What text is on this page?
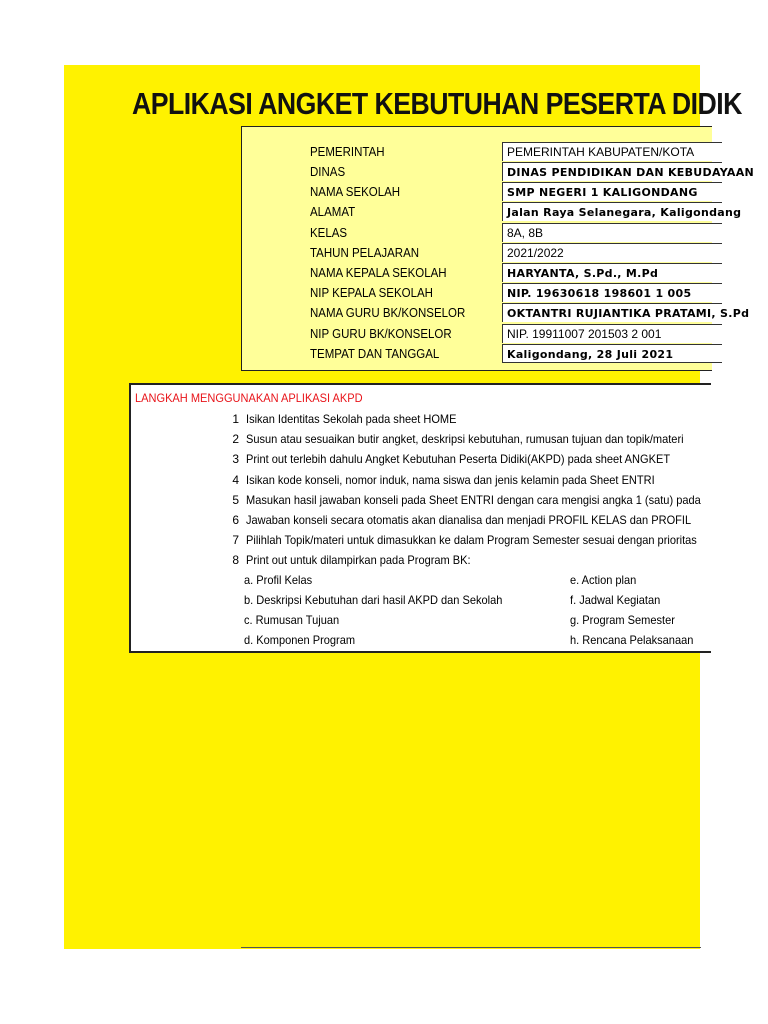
APLIKASI ANGKET KEBUTUHAN PESERTA DIDIK
PEMERINTAH	PEMERINTAH KABUPATEN/KOTA
DINAS	DINAS PENDIDIKAN DAN KEBUDAYAAN
NAMA SEKOLAH	SMP NEGERI 1 KALIGONDANG
ALAMAT	Jalan Raya Selanegara, Kaligondang
KELAS	8A, 8B
TAHUN PELAJARAN	2021/2022
NAMA KEPALA SEKOLAH	HARYANTA, S.Pd., M.Pd
NIP KEPALA SEKOLAH	NIP. 19630618 198601 1 005
NAMA GURU BK/KONSELOR	OKTANTRI RUJIANTIKA PRATAMI, S.Pd
NIP GURU BK/KONSELOR	NIP. 19911007 201503 2 001
TEMPAT DAN TANGGAL	Kaligondang, 28 Juli 2021
LANGKAH MENGGUNAKAN APLIKASI AKPD
1 Isikan Identitas Sekolah pada sheet HOME
2 Susun atau sesuaikan butir angket, deskripsi kebutuhan, rumusan tujuan dan topik/materi
3 Print out terlebih dahulu Angket Kebutuhan Peserta Didiki(AKPD) pada sheet ANGKET
4 Isikan kode konseli, nomor induk, nama siswa dan jenis kelamin pada Sheet ENTRI
5 Masukan hasil jawaban konseli pada Sheet ENTRI dengan cara mengisi angka 1 (satu) pada
6 Jawaban konseli secara otomatis akan dianalisa dan menjadi PROFIL KELAS dan PROFIL
7 Pilihlah Topik/materi untuk dimasukkan ke dalam Program Semester sesuai dengan prioritas
8 Print out untuk dilampirkan pada Program BK:
a. Profil Kelas
b. Deskripsi Kebutuhan dari hasil AKPD dan Sekolah
c. Rumusan Tujuan
d. Komponen Program
e. Action plan
f. Jadwal Kegiatan
g. Program Semester
h. Rencana Pelaksanaan
